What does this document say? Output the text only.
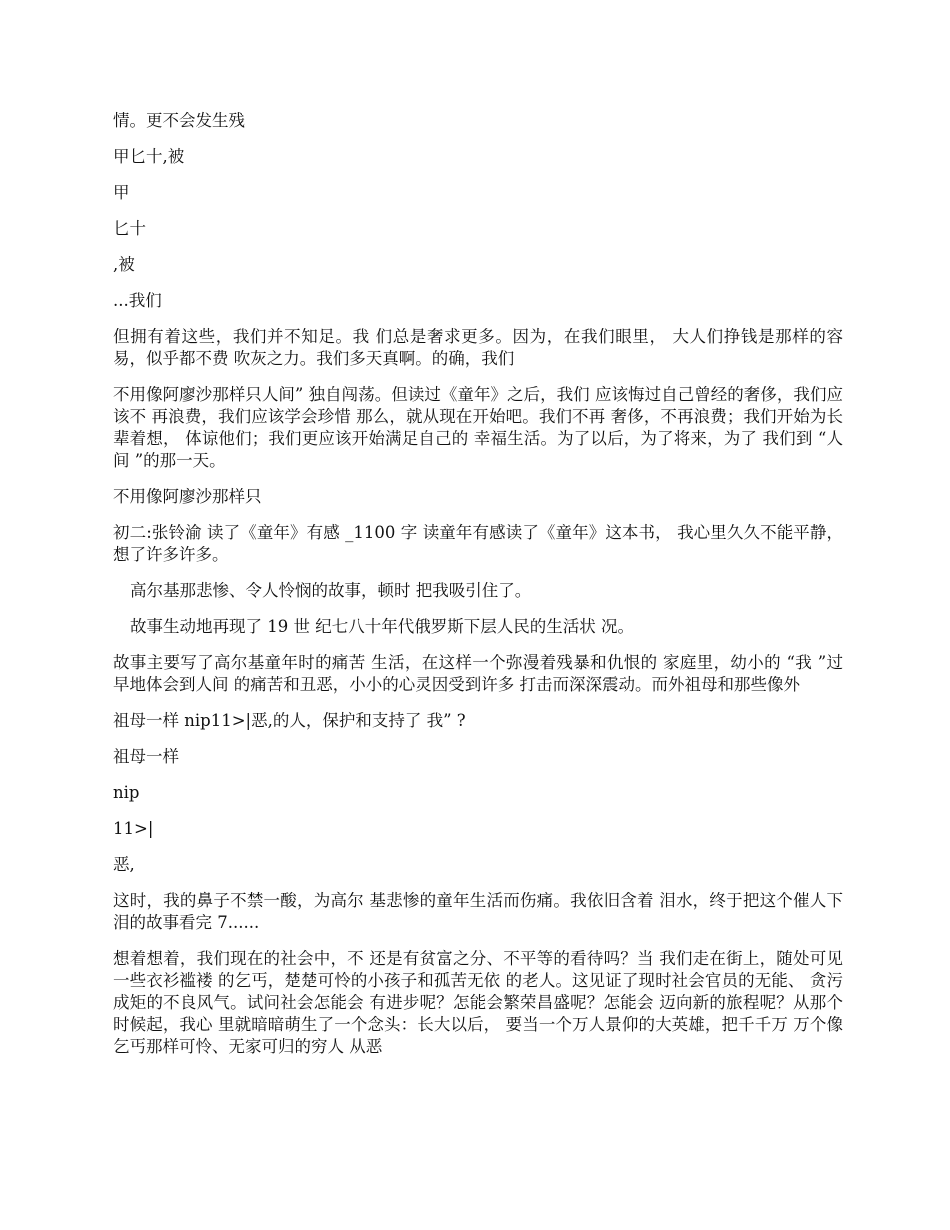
情。更不会发生残

甲匕十,被

甲

匕十

,被

...我们

但拥有着这些，我们并不知足。我 们总是奢求更多。因为，在我们眼里， 大人们挣钱是那样的容易，似乎都不费 吹灰之力。我们多天真啊。的确，我们

不用像阿廖沙那样只人间” 独自闯荡。但读过《童年》之后，我们 应该悔过自己曾经的奢侈，我们应该不 再浪费，我们应该学会珍惜 那么，就从现在开始吧。我们不再 奢侈，不再浪费；我们开始为长辈着想， 体谅他们；我们更应该开始满足自己的 幸福生活。为了以后，为了将来，为了 我们到 “人间 ”的那一天。

不用像阿廖沙那样只

初二:张铃渝 读了《童年》有感 _1100 字 读童年有感读了《童年》这本书， 我心里久久不能平静，想了许多许多。

高尔基那悲惨、令人怜悯的故事，顿时 把我吸引住了。

故事生动地再现了 19 世 纪七八十年代俄罗斯下层人民的生活状 况。

故事主要写了高尔基童年时的痛苦 生活，在这样一个弥漫着残暴和仇恨的 家庭里，幼小的 “我 ”过早地体会到人间 的痛苦和丑恶，小小的心灵因受到许多 打击而深深震动。而外祖母和那些像外

祖母一样 nip11>|恶,的人，保护和支持了 我” ?

祖母一样

nip

11>|

恶,

这时，我的鼻子不禁一酸，为高尔 基悲惨的童年生活而伤痛。我依旧含着 泪水，终于把这个催人下泪的故事看完 7......

想着想着，我们现在的社会中，不 还是有贫富之分、不平等的看待吗？当 我们走在街上，随处可见一些衣衫褴褛 的乞丐，楚楚可怜的小孩子和孤苦无依 的老人。这见证了现时社会官员的无能、 贪污成矩的不良风气。试问社会怎能会 有进步呢？怎能会繁荣昌盛呢？怎能会 迈向新的旅程呢？从那个时候起，我心 里就暗暗萌生了一个念头：长大以后， 要当一个万人景仰的大英雄，把千千万 万个像乞丐那样可怜、无家可归的穷人 从恶
